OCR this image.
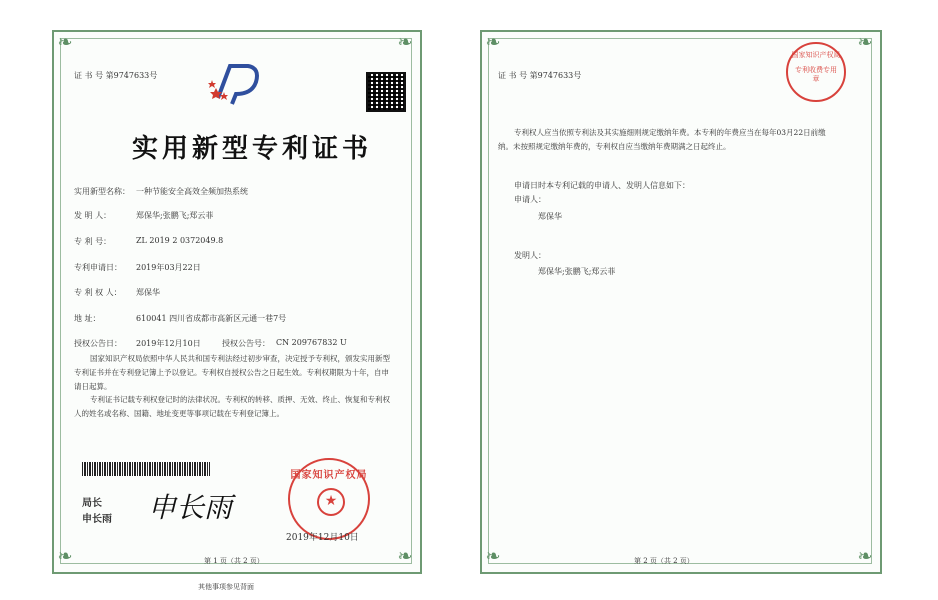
❧	❧
❧	❧
证 书 号 第9747633号
实用新型专利证书
实用新型名称： 一种节能安全高效全频加热系统
发 明 人：	郑保华;张鹏飞;郑云菲
专 利 号：	ZL 2019 2 0372049.8
专利申请日： 2019年03月22日
专 利 权 人： 郑保华
地 址：	610041 四川省成都市高新区元通一巷7号
授权公告日： 2019年12月10日	授权公告号： CN 209767832 U
国家知识产权局依照中华人民共和国专利法经过初步审查，决定授予专利权，颁发实用新型专利证书并在专利登记簿上予以登记。专利权自授权公告之日起生效。专利权期限为十年，自申请日起算。
专利证书记载专利权登记时的法律状况。专利权的转移、质押、无效、终止、恢复和专利权人的姓名或名称、国籍、地址变更等事项记载在专利登记簿上。
局长
申长雨 申长雨
国家知识产权局
★
2019年12月10日
第 1 页（共 2 页）
其他事项参见背面
❧	❧
❧	❧
证 书 号 第9747633号
国家知识产权局
专利收费专用章
专利权人应当依照专利法及其实施细则规定缴纳年费。本专利的年费应当在每年03月22日前缴纳。未按照规定缴纳年费的，专利权自应当缴纳年费期满之日起终止。
申请日时本专利记载的申请人、发明人信息如下：
申请人：
郑保华
发明人：
郑保华;张鹏飞;郑云菲
第 2 页（共 2 页）
